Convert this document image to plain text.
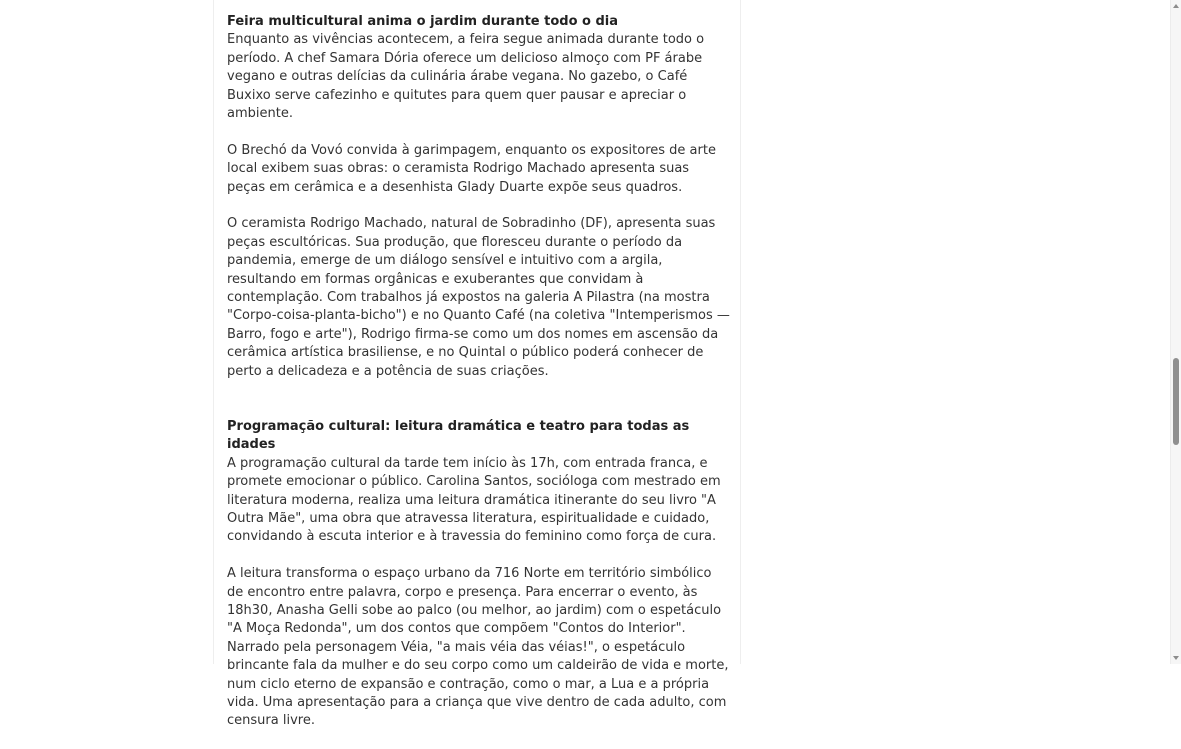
Feira multicultural anima o jardim durante todo o dia

Enquanto as vivências acontecem, a feira segue animada durante todo o período. A chef Samara Dória oferece um delicioso almoço com PF árabe vegano e outras delícias da culinária árabe vegana. No gazebo, o Café Buxixo serve cafezinho e quitutes para quem quer pausar e apreciar o ambiente.

O Brechó da Vovó convida à garimpagem, enquanto os expositores de arte local exibem suas obras: o ceramista Rodrigo Machado apresenta suas peças em cerâmica e a desenhista Glady Duarte expõe seus quadros.

O ceramista Rodrigo Machado, natural de Sobradinho (DF), apresenta suas peças escultóricas. Sua produção, que floresceu durante o período da pandemia, emerge de um diálogo sensível e intuitivo com a argila, resultando em formas orgânicas e exuberantes que convidam à contemplação. Com trabalhos já expostos na galeria A Pilastra (na mostra "Corpo-coisa-planta-bicho") e no Quanto Café (na coletiva "Intemperismos — Barro, fogo e arte"), Rodrigo firma-se como um dos nomes em ascensão da cerâmica artística brasiliense, e no Quintal o público poderá conhecer de perto a delicadeza e a potência de suas criações.

Programação cultural: leitura dramática e teatro para todas as idades

A programação cultural da tarde tem início às 17h, com entrada franca, e promete emocionar o público. Carolina Santos, socióloga com mestrado em literatura moderna, realiza uma leitura dramática itinerante do seu livro "A Outra Mãe", uma obra que atravessa literatura, espiritualidade e cuidado, convidando à escuta interior e à travessia do feminino como força de cura.

A leitura transforma o espaço urbano da 716 Norte em território simbólico de encontro entre palavra, corpo e presença. Para encerrar o evento, às 18h30, Anasha Gelli sobe ao palco (ou melhor, ao jardim) com o espetáculo "A Moça Redonda", um dos contos que compõem "Contos do Interior". Narrado pela personagem Véia, "a mais véia das véias!", o espetáculo brincante fala da mulher e do seu corpo como um caldeirão de vida e morte, num ciclo eterno de expansão e contração, como o mar, a Lua e a própria vida. Uma apresentação para a criança que vive dentro de cada adulto, com censura livre.
